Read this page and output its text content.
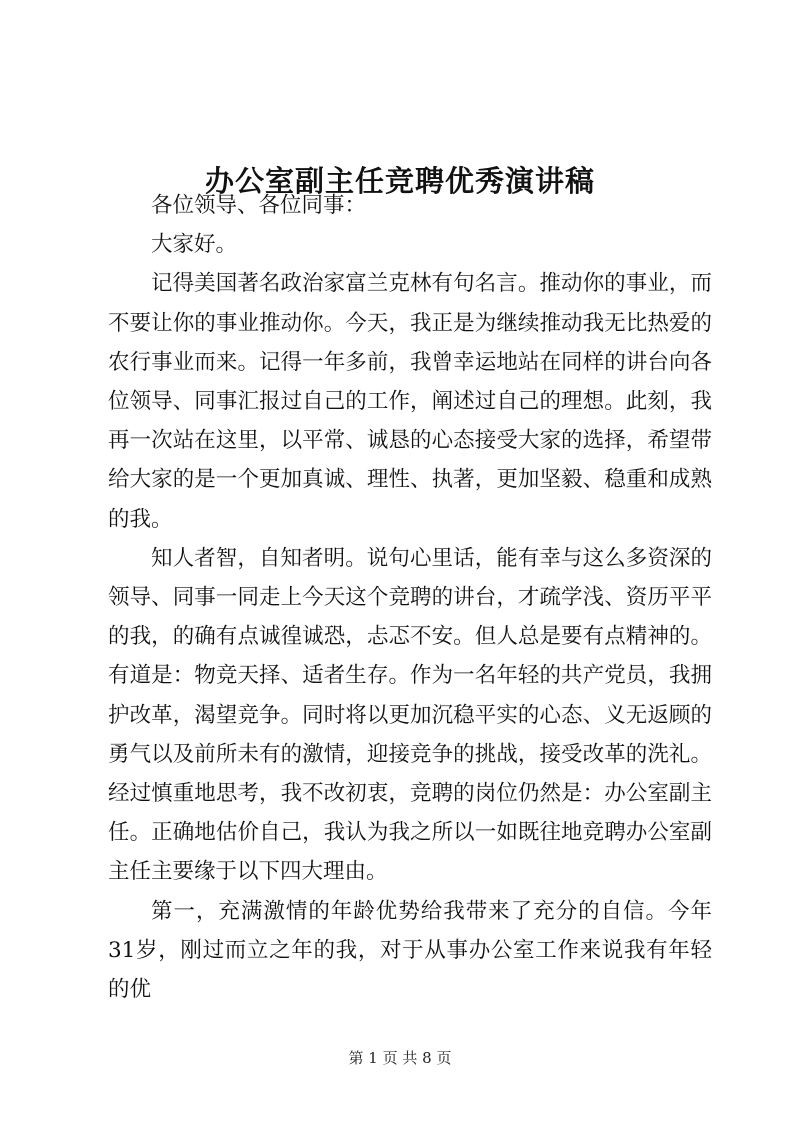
办公室副主任竞聘优秀演讲稿

各位领导、各位同事：

大家好。

记得美国著名政治家富兰克林有句名言。推动你的事业，而不要让你的事业推动你。今天，我正是为继续推动我无比热爱的农行事业而来。记得一年多前，我曾幸运地站在同样的讲台向各位领导、同事汇报过自己的工作，阐述过自己的理想。此刻，我再一次站在这里，以平常、诚恳的心态接受大家的选择，希望带给大家的是一个更加真诚、理性、执著，更加坚毅、稳重和成熟的我。

知人者智，自知者明。说句心里话，能有幸与这么多资深的领导、同事一同走上今天这个竞聘的讲台，才疏学浅、资历平平的我，的确有点诚徨诚恐，忐忑不安。但人总是要有点精神的。有道是：物竞天择、适者生存。作为一名年轻的共产党员，我拥护改革，渴望竞争。同时将以更加沉稳平实的心态、义无返顾的勇气以及前所未有的激情，迎接竞争的挑战，接受改革的洗礼。经过慎重地思考，我不改初衷，竞聘的岗位仍然是：办公室副主任。正确地估价自己，我认为我之所以一如既往地竞聘办公室副主任主要缘于以下四大理由。

第一，充满激情的年龄优势给我带来了充分的自信。今年31岁，刚过而立之年的我，对于从事办公室工作来说我有年轻的优

第 1 页 共 8 页
